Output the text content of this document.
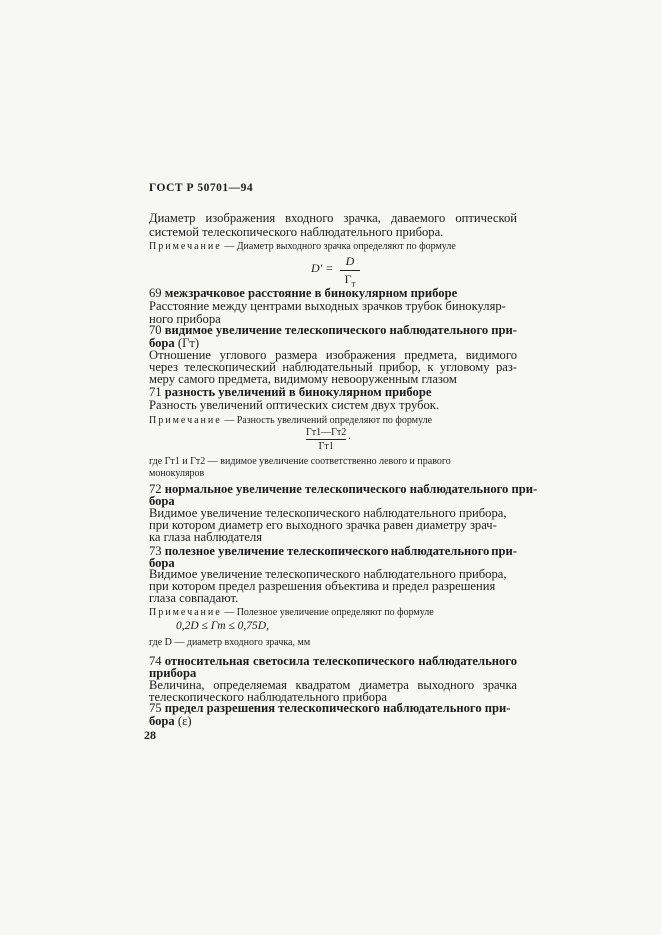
ГОСТ Р 50701—94
Диаметр изображения входного зрачка, даваемого оптической
системой телескопического наблюдательного прибора.
Примечание — Диаметр выходного зрачка определяют по формуле
D′ = D
$Г_т$
69 межзрачковое расстояние в бинокулярном приборе
Расстояние между центрами выходных зрачков трубок бинокуляр-
ного прибора
70 видимое увеличение телескопического наблюдательного при-
бора (Гт)
Отношение углового размера изображения предмета, видимого
через телескопический наблюдательный прибор, к угловому раз-
меру самого предмета, видимому невооруженным глазом
71 разность увеличений в бинокулярном приборе
Разность увеличений оптических систем двух трубок.
Примечание — Разность увеличений определяют по формуле
Гт1—Гт2
Гт1
.
где Гт1 и Гт2 — видимое увеличение соответственно левого и правого
монокуляров
72 нормальное увеличение телескопического наблюдательного при-
бора
Видимое увеличение телескопического наблюдательного прибора,
при котором диаметр его выходного зрачка равен диаметру зрач-
ка глаза наблюдателя
73 полезное увеличение телескопического наблюдательного при-
бора
Видимое увеличение телескопического наблюдательного прибора,
при котором предел разрешения объектива и предел разрешения
глаза совпадают.
Примечание — Полезное увеличение определяют по формуле
0,2D ≤ Гт ≤ 0,75D,
где D — диаметр входного зрачка, мм
74 относительная светосила телескопического наблюдательного
прибора
Величина, определяемая квадратом диаметра выходного зрачка
телескопического наблюдательного прибора
75 предел разрешения телескопического наблюдательного при-
бора (ε)
28
